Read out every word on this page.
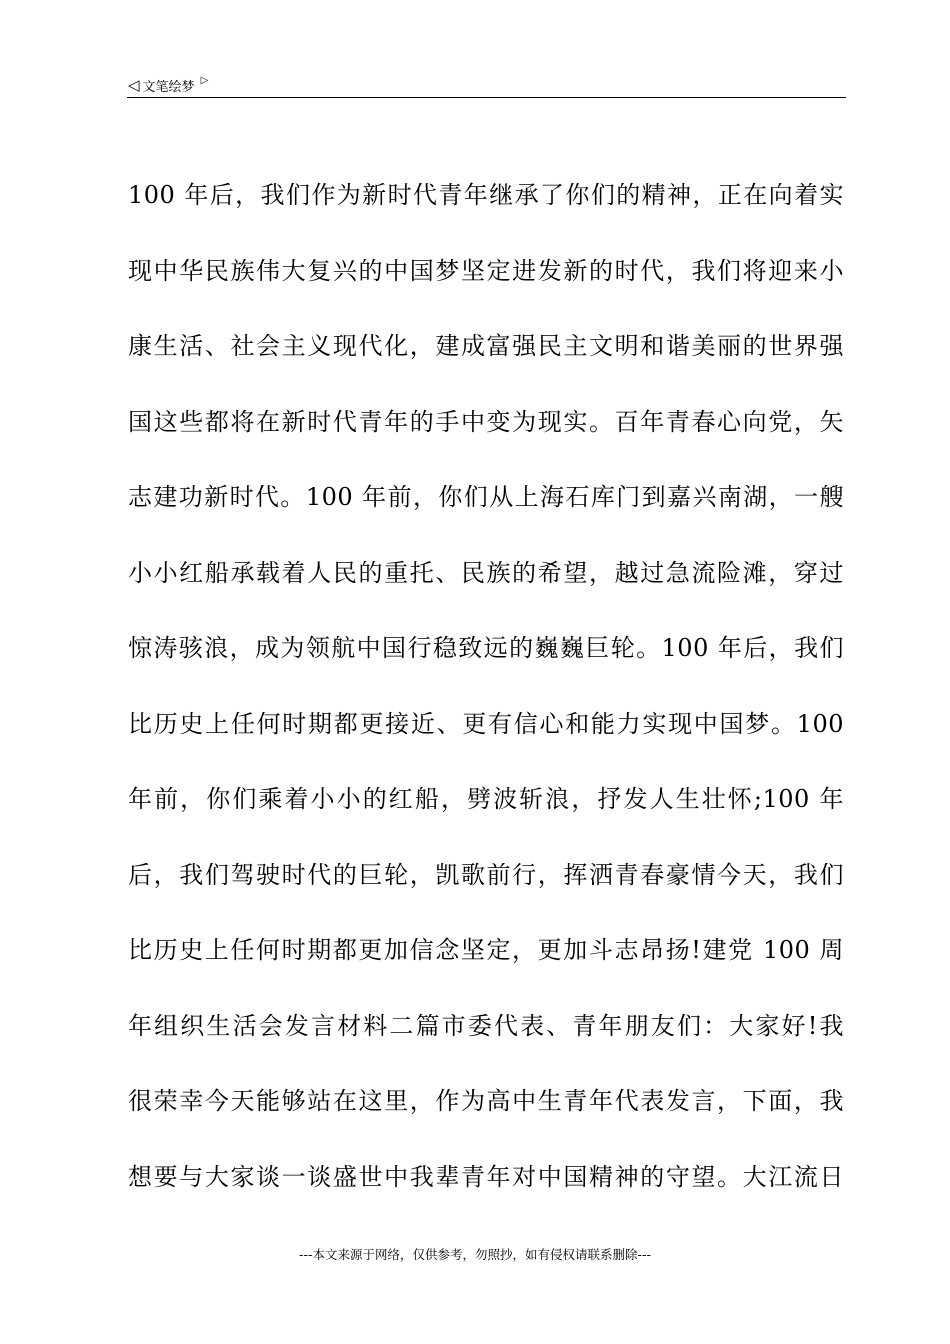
◁ 文笔绘梦 ▷
100 年后，我们作为新时代青年继承了你们的精神，正在向着实
现中华民族伟大复兴的中国梦坚定进发新的时代，我们将迎来小
康生活、社会主义现代化，建成富强民主文明和谐美丽的世界强
国这些都将在新时代青年的手中变为现实。百年青春心向党，矢
志建功新时代。100 年前，你们从上海石库门到嘉兴南湖，一艘
小小红船承载着人民的重托、民族的希望，越过急流险滩，穿过
惊涛骇浪，成为领航中国行稳致远的巍巍巨轮。100 年后，我们
比历史上任何时期都更接近、更有信心和能力实现中国梦。100
年前，你们乘着小小的红船，劈波斩浪，抒发人生壮怀;100 年
后，我们驾驶时代的巨轮，凯歌前行，挥洒青春豪情今天，我们
比历史上任何时期都更加信念坚定，更加斗志昂扬!建党 100 周
年组织生活会发言材料二篇市委代表、青年朋友们：大家好!我
很荣幸今天能够站在这里，作为高中生青年代表发言，下面，我
想要与大家谈一谈盛世中我辈青年对中国精神的守望。大江流日
---本文来源于网络，仅供参考，勿照抄，如有侵权请联系删除---
